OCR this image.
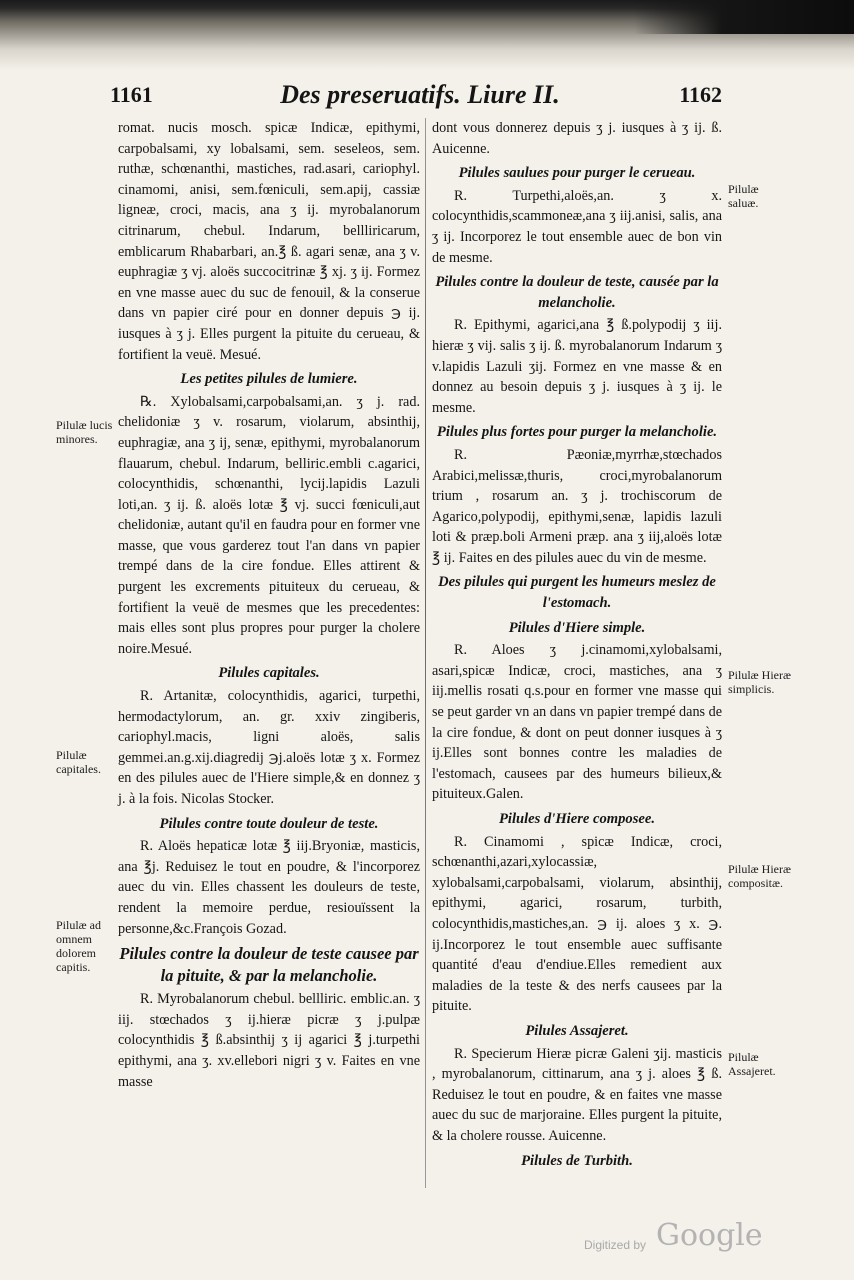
1161	Des preseruatifs. Liure II.	1162

romat. nucis mosch. spicæ Indicæ, epithymi, carpobalsami, xy lobalsami, sem. seseleos, sem. ruthæ, schœnanthi, mastiches, rad.asari, cariophyl. cinamomi, anisi, sem.fœniculi, sem.apij, cassiæ ligneæ, croci, macis, ana ʒ ij. myrobalanorum citrinarum, chebul. Indarum, bellliricarum, emblicarum Rhabarbari, an.℥ ß. agari senæ, ana ʒ v. euphragiæ ʒ vj. aloës succocitrinæ ℥ xj. ʒ ij. Formez en vne masse auec du suc de fenouil, & la conserue dans vn papier ciré pour en donner depuis ℈ ij. iusques à ʒ j. Elles purgent la pituite du cerueau, & fortifient la veuë. Mesué.

Les petites pilules de lumiere.

℞. Xylobalsami,carpobalsami,an. ʒ j. rad. chelidoniæ ʒ v. rosarum, violarum, absinthij, euphragiæ, ana ʒ ij, senæ, epithymi, myrobalanorum flauarum, chebul. Indarum, belliric.embli c.agarici, colocynthidis, schœnanthi, lycij.lapidis Lazuli loti,an. ʒ ij. ß. aloës lotæ ℥ vj. succi fœniculi,aut chelidoniæ, autant qu'il en faudra pour en former vne masse, que vous garderez tout l'an dans vn papier trempé dans de la cire fondue. Elles attirent & purgent les excrements pituiteux du cerueau, & fortifient la veuë de mesmes que les precedentes: mais elles sont plus propres pour purger la cholere noire.Mesué.

Pilules capitales.

R. Artanitæ, colocynthidis, agarici, turpethi, hermodactylorum, an. gr. xxiv zingiberis, cariophyl.macis, ligni aloës, salis gemmei.an.g.xij.diagredij ℈j.aloës lotæ ʒ x. Formez en des pilules auec de l'Hiere simple,& en donnez ʒ j. à la fois. Nicolas Stocker.

Pilules contre toute douleur de teste.

R. Aloës hepaticæ lotæ ℥ iij.Bryoniæ, masticis, ana ℥j. Reduisez le tout en poudre, & l'incorporez auec du vin. Elles chassent les douleurs de teste, rendent la memoire perdue, resiouïssent la personne,&c.François Gozad.

Pilules contre la douleur de teste causee par la pituite, & par la melancholie.

R. Myrobalanorum chebul. bellliric. emblic.an. ʒ iij. stœchados ʒ ij.hieræ picræ ʒ j.pulpæ colocynthidis ℥ ß.absinthij ʒ ij agarici ℥ j.turpethi epithymi, ana ʒ. xv.ellebori nigri ʒ v. Faites en vne masse

dont vous donnerez depuis ʒ j. iusques à ʒ ij. ß. Auicenne.

Pilules saulues pour purger le cerueau.

R. Turpethi,aloës,an. ʒ x. colocynthidis,scammoneæ,ana ʒ iij.anisi, salis, ana ʒ ij. Incorporez le tout ensemble auec de bon vin de mesme.

Pilules contre la douleur de teste, causée par la melancholie.

R. Epithymi, agarici,ana ℥ ß.polypodij ʒ iij. hieræ ʒ vij. salis ʒ ij. ß. myrobalanorum Indarum ʒ v.lapidis Lazuli ʒij. Formez en vne masse & en donnez au besoin depuis ʒ j. iusques à ʒ ij. le mesme.

Pilules plus fortes pour purger la melancholie.

R. Pæoniæ,myrrhæ,stœchados Arabici,melissæ,thuris, croci,myrobalanorum trium , rosarum an. ʒ j. trochiscorum de Agarico,polypodij, epithymi,senæ, lapidis lazuli loti & præp.boli Armeni præp. ana ʒ iij,aloës lotæ ℥ ij. Faites en des pilules auec du vin de mesme.

Des pilules qui purgent les humeurs meslez de l'estomach.

Pilules d'Hiere simple.

R. Aloes ʒ j.cinamomi,xylobalsami, asari,spicæ Indicæ, croci, mastiches, ana ʒ iij.mellis rosati q.s.pour en former vne masse qui se peut garder vn an dans vn papier trempé dans de la cire fondue, & dont on peut donner iusques à ʒ ij.Elles sont bonnes contre les maladies de l'estomach, causees par des humeurs bilieux,& pituiteux.Galen.

Pilules d'Hiere composee.

R. Cinamomi , spicæ Indicæ, croci, schœnanthi,azari,xylocassiæ, xylobalsami,carpobalsami, violarum, absinthij, epithymi, agarici, rosarum, turbith, colocynthidis,mastiches,an. ℈ ij. aloes ʒ x. ℈. ij.Incorporez le tout ensemble auec suffisante quantité d'eau d'endiue.Elles remedient aux maladies de la teste & des nerfs causees par la pituite.

Pilules Assajeret.

R. Specierum Hieræ picræ Galeni ʒij. masticis , myrobalanorum, cittinarum, ana ʒ j. aloes ℥ ß. Reduisez le tout en poudre, & en faites vne masse auec du suc de marjoraine. Elles purgent la pituite, & la cholere rousse. Auicenne.

Pilules de Turbith.

Pilulæ lucis minores.
Pilulæ capitales.
Pilulæ ad omnem dolorem capitis.
Pilulæ saluæ.
Pilulæ Hieræ simplicis.
Pilulæ Hieræ compositæ.
Pilulæ Assajeret.
Digitized by Google
